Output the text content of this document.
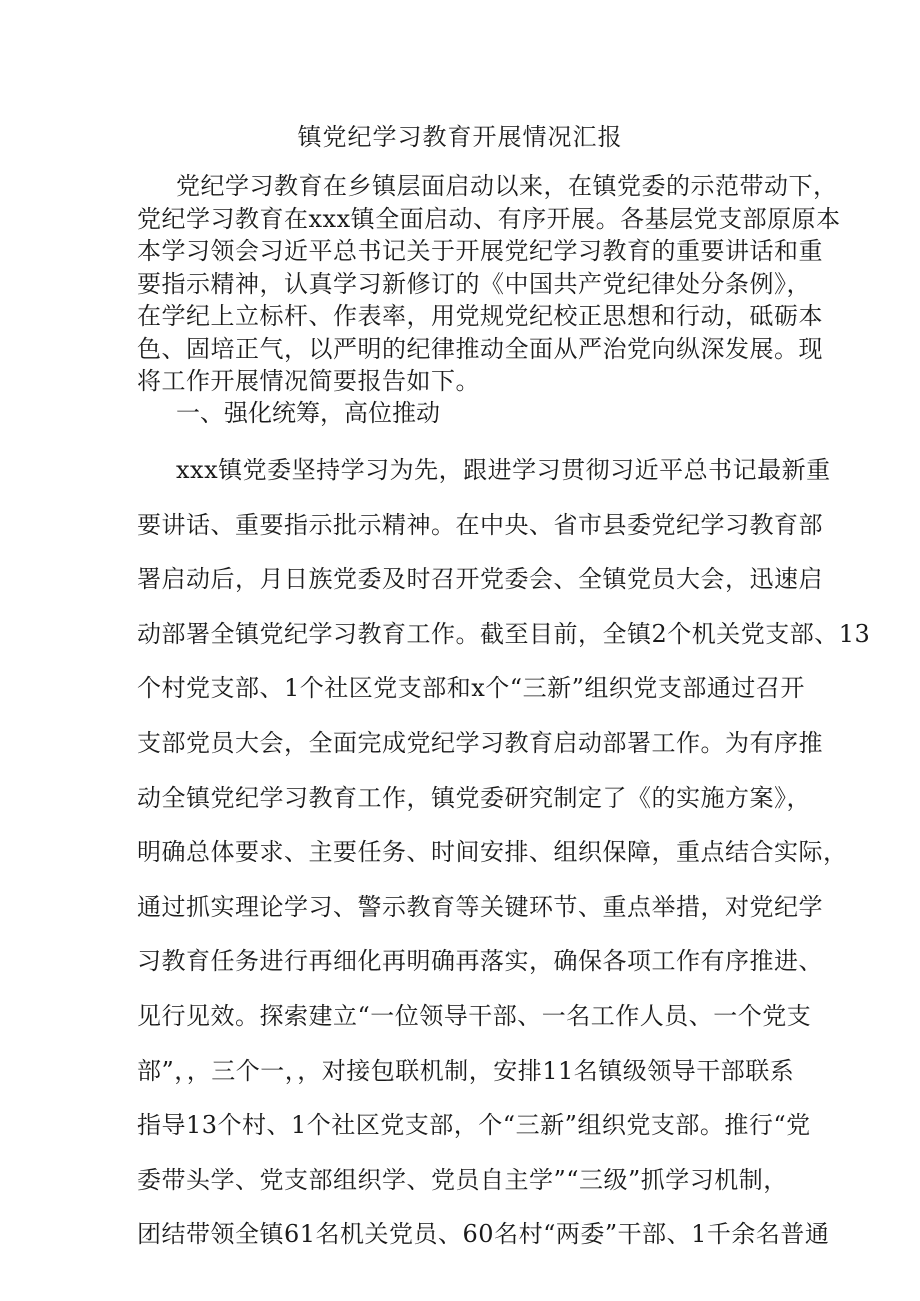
镇党纪学习教育开展情况汇报
党纪学习教育在乡镇层面启动以来，在镇党委的示范带动下，
党纪学习教育在xxx镇全面启动、有序开展。各基层党支部原原本
本学习领会习近平总书记关于开展党纪学习教育的重要讲话和重
要指示精神，认真学习新修订的《中国共产党纪律处分条例》，
在学纪上立标杆、作表率，用党规党纪校正思想和行动，砥砺本
色、固培正气，以严明的纪律推动全面从严治党向纵深发展。现
将工作开展情况简要报告如下。
一、强化统筹，高位推动
xxx镇党委坚持学习为先，跟进学习贯彻习近平总书记最新重
要讲话、重要指示批示精神。在中央、省市县委党纪学习教育部
署启动后，月日族党委及时召开党委会、全镇党员大会，迅速启
动部署全镇党纪学习教育工作。截至目前，全镇2个机关党支部、13
个村党支部、1个社区党支部和x个“三新”组织党支部通过召开
支部党员大会，全面完成党纪学习教育启动部署工作。为有序推
动全镇党纪学习教育工作，镇党委研究制定了《的实施方案》，
明确总体要求、主要任务、时间安排、组织保障，重点结合实际，
通过抓实理论学习、警示教育等关键环节、重点举措，对党纪学
习教育任务进行再细化再明确再落实，确保各项工作有序推进、
见行见效。探索建立“一位领导干部、一名工作人员、一个党支
部”，，三个一，，对接包联机制，安排11名镇级领导干部联系
指导13个村、1个社区党支部，个“三新”组织党支部。推行“党
委带头学、党支部组织学、党员自主学”“三级”抓学习机制，
团结带领全镇61名机关党员、60名村“两委”干部、1千余名普通
